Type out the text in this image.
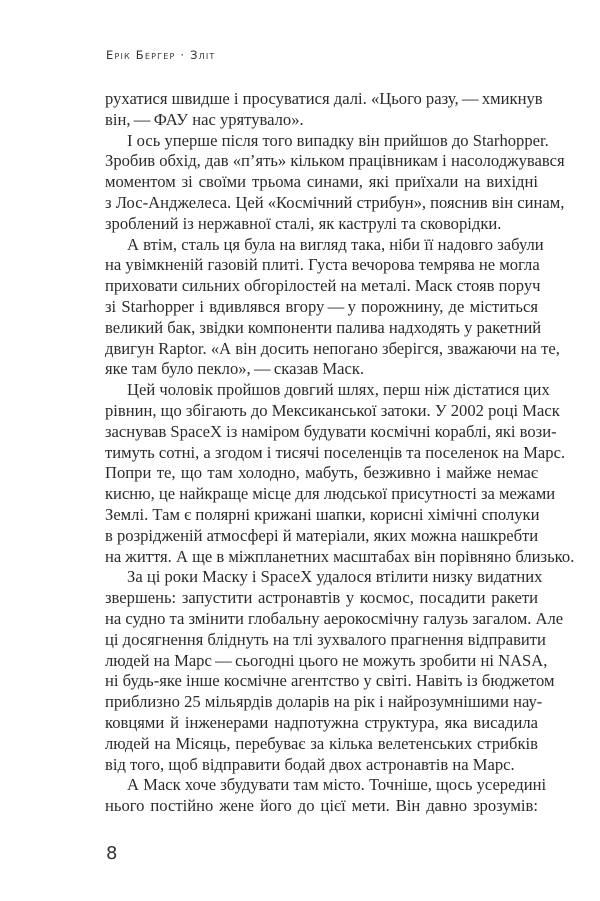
Ерік Бергер · Зліт
рухатися швидше і просуватися далі. «Цього разу, — хмикнув
він, — ФАУ нас урятувало».
І ось уперше після того випадку він прийшов до Starhopper.
Зробив обхід, дав «п’ять» кільком працівникам і насолоджувався
моментом зі своїми трьома синами, які приїхали на вихідні
з Лос-Анджелеса. Цей «Космічний стрибун», пояснив він синам,
зроблений із нержавної сталі, як каструлі та сковорідки.
А втім, сталь ця була на вигляд така, ніби її надовго забули
на увімкненій газовій плиті. Густа вечорова темрява не могла
приховати сильних обгорілостей на металі. Маск стояв поруч
зі Starhopper і вдивлявся вгору — у порожнину, де міститься
великий бак, звідки компоненти палива надходять у ракетний
двигун Raptor. «А він досить непогано зберігся, зважаючи на те,
яке там було пекло», — сказав Маск.
Цей чоловік пройшов довгий шлях, перш ніж дістатися цих
рівнин, що збігають до Мексиканської затоки. У 2002 році Маск
заснував SpaceX із наміром будувати космічні кораблі, які вози-
тимуть сотні, а згодом і тисячі поселенців та поселенок на Марс.
Попри те, що там холодно, мабуть, безживно і майже немає
кисню, це найкраще місце для людської присутності за межами
Землі. Там є полярні крижані шапки, корисні хімічні сполуки
в розрідженій атмосфері й матеріали, яких можна нашкребти
на життя. А ще в міжпланетних масштабах він порівняно близько.
За ці роки Маску і SpaceX удалося втілити низку видатних
звершень: запустити астронавтів у космос, посадити ракети
на судно та змінити глобальну аерокосмічну галузь загалом. Але
ці досягнення бліднуть на тлі зухвалого прагнення відправити
людей на Марс — сьогодні цього не можуть зробити ні NASA,
ні будь-яке інше космічне агентство у світі. Навіть із бюджетом
приблизно 25 мільярдів доларів на рік і найрозумнішими нау-
ковцями й інженерами надпотужна структура, яка висадила
людей на Місяць, перебуває за кілька велетенських стрибків
від того, щоб відправити бодай двох астронавтів на Марс.
А Маск хоче збудувати там місто. Точніше, щось усередині
нього постійно жене його до цієї мети. Він давно зрозумів:
8
